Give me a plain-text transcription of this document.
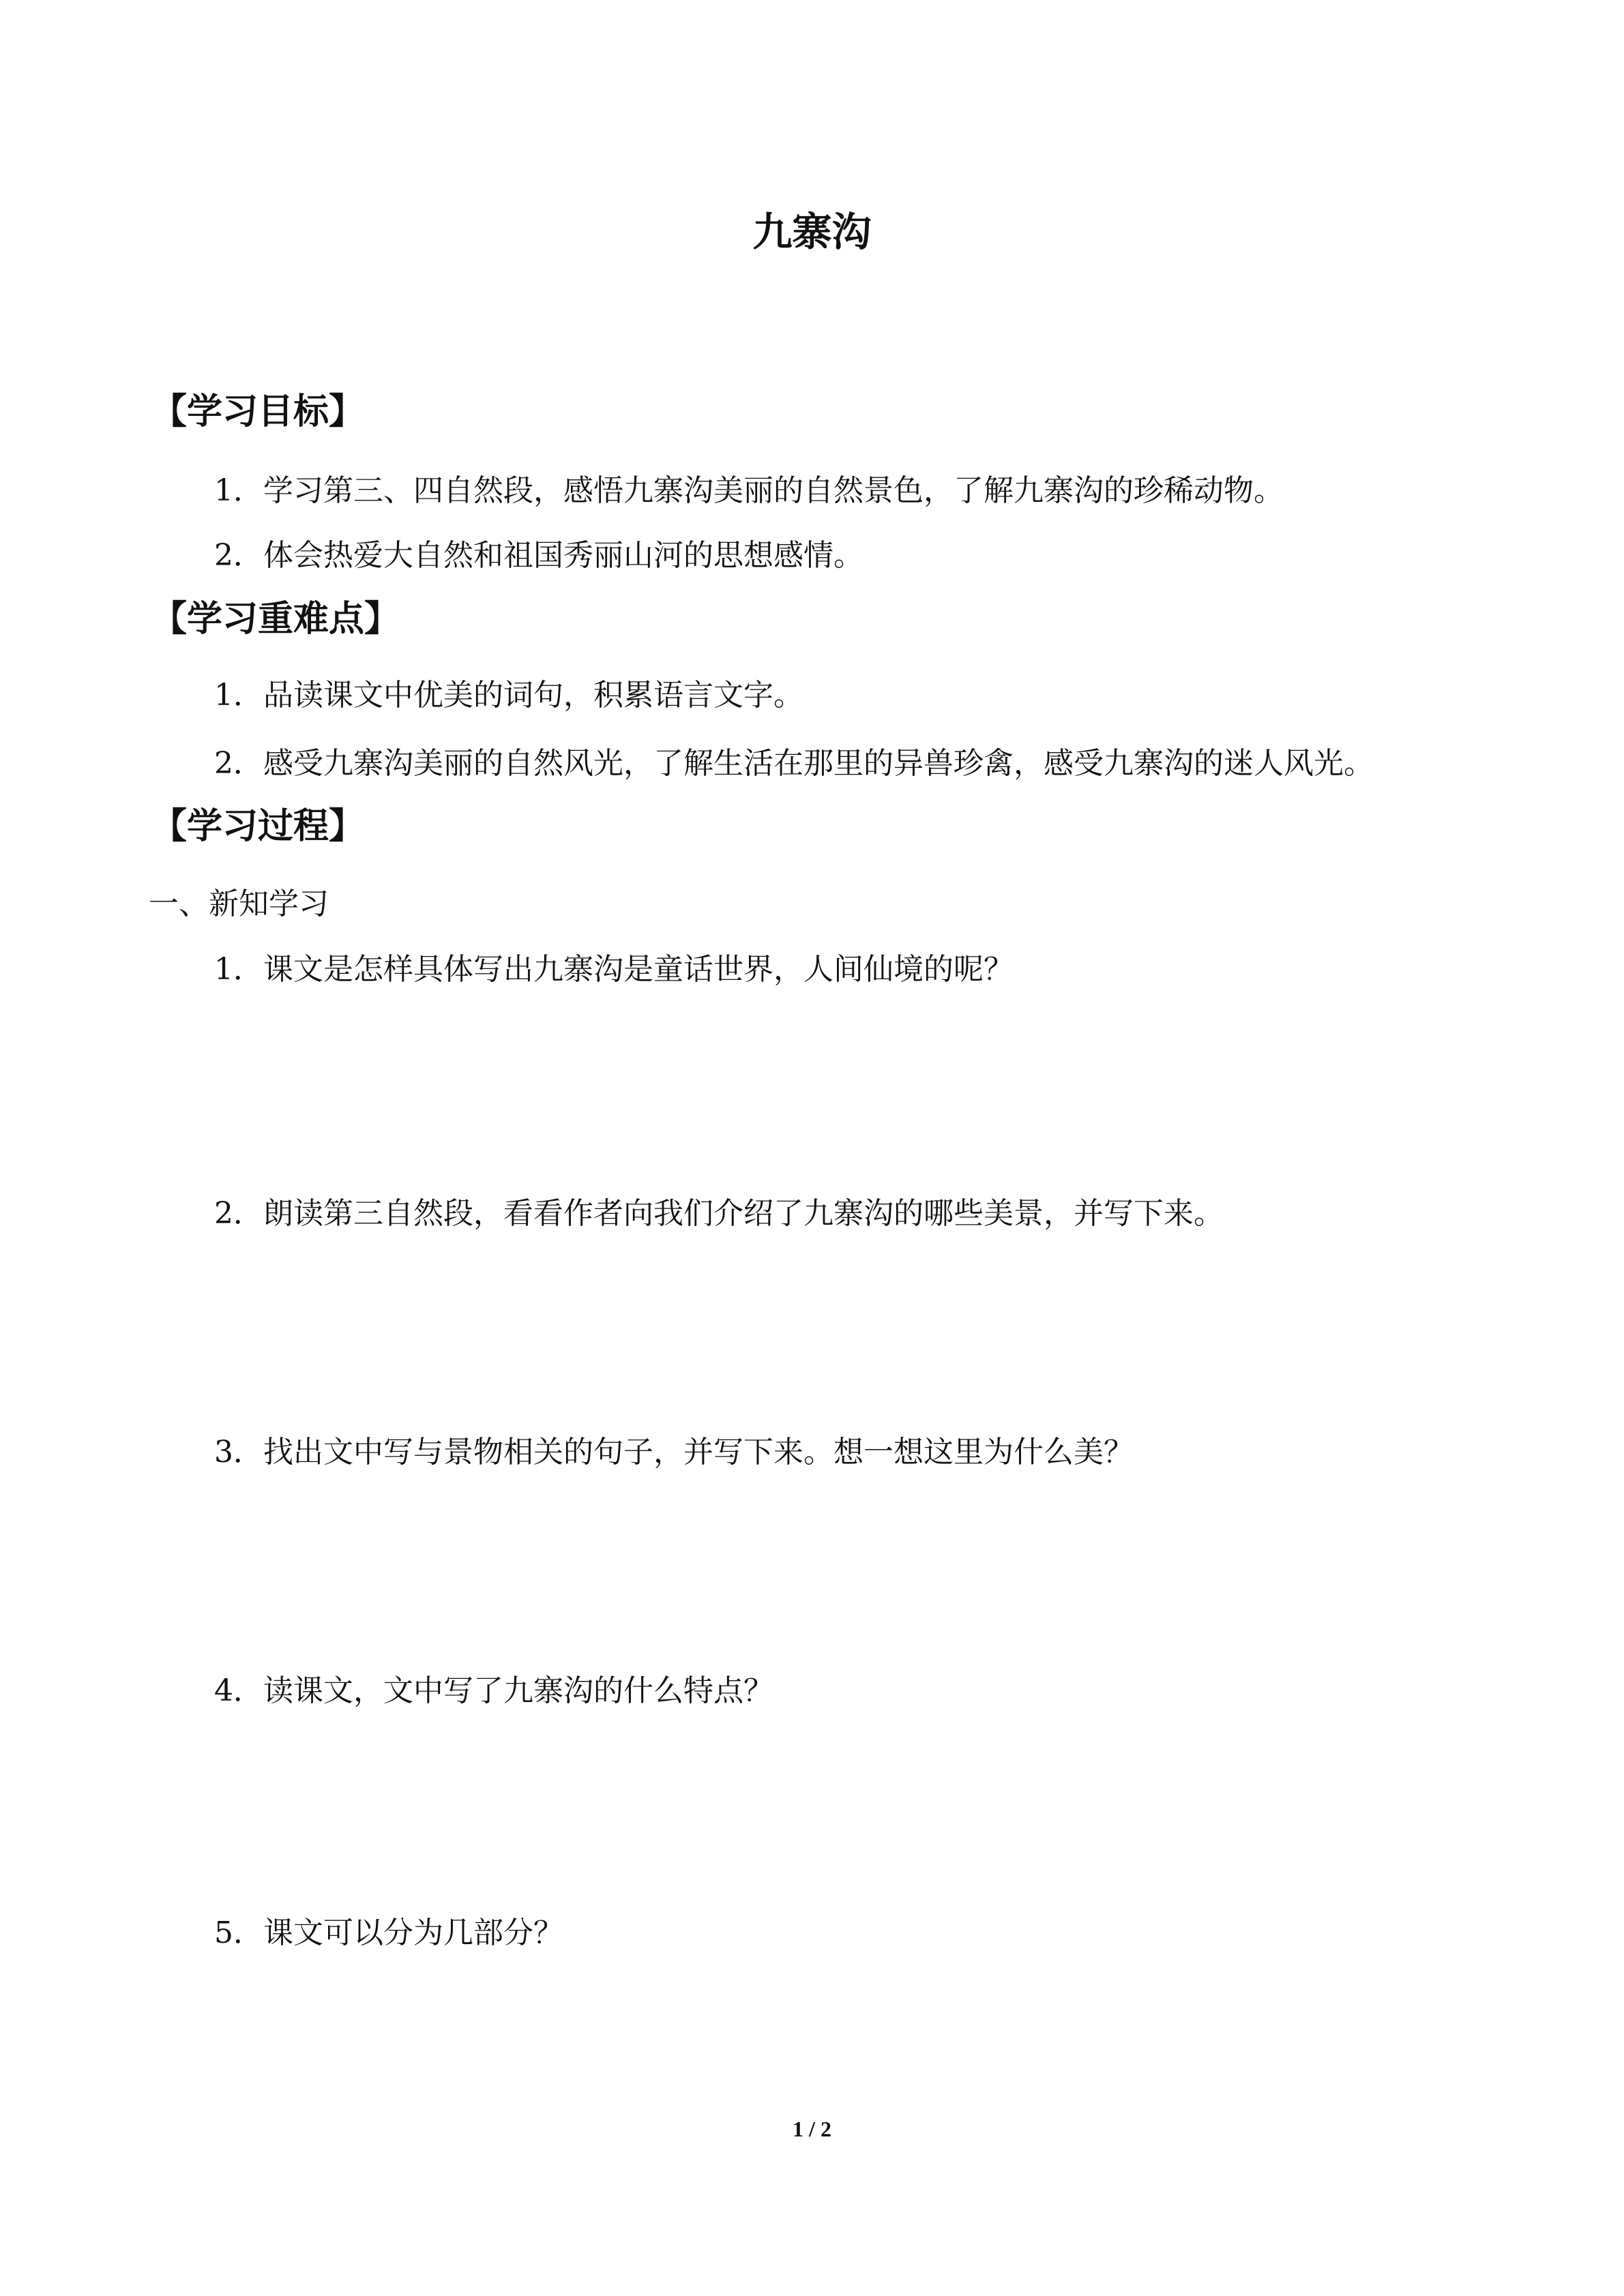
九寨沟
【学习目标】
1．学习第三、四自然段，感悟九寨沟美丽的自然景色，了解九寨沟的珍稀动物。
2．体会热爱大自然和祖国秀丽山河的思想感情。
【学习重难点】
1．品读课文中优美的词句，积累语言文字。
2．感受九寨沟美丽的自然风光，了解生活在那里的异兽珍禽，感受九寨沟的迷人风光。
【学习过程】
一、新知学习
1．课文是怎样具体写出九寨沟是童话世界，人间仙境的呢？
2．朗读第三自然段，看看作者向我们介绍了九寨沟的哪些美景，并写下来。
3．找出文中写与景物相关的句子，并写下来。想一想这里为什么美？
4．读课文，文中写了九寨沟的什么特点？
5．课文可以分为几部分？
1 / 2
